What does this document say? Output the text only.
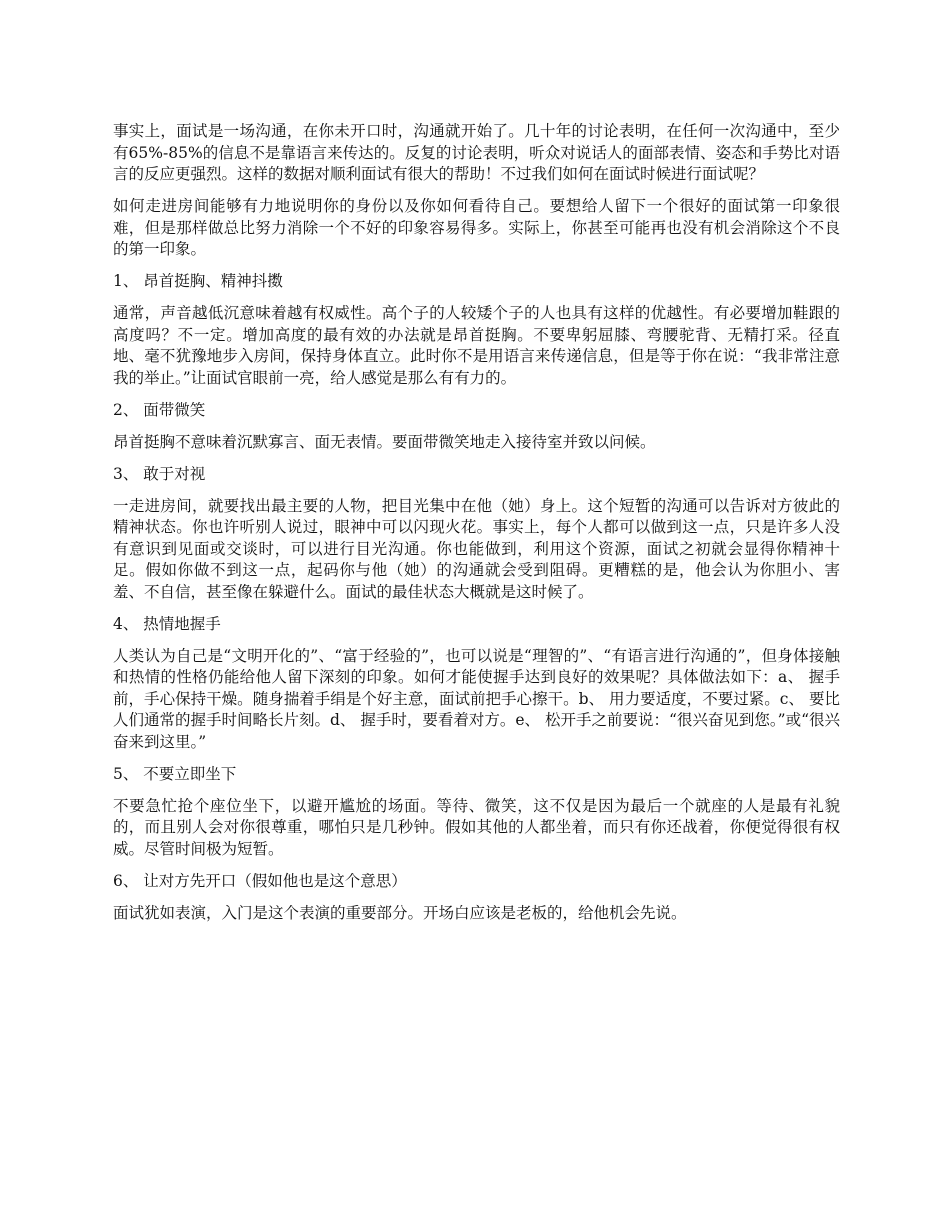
事实上，面试是一场沟通，在你未开口时，沟通就开始了。几十年的讨论表明，在任何一次沟通中，至少有65%-85%的信息不是靠语言来传达的。反复的讨论表明，听众对说话人的面部表情、姿态和手势比对语言的反应更强烈。这样的数据对顺利面试有很大的帮助！不过我们如何在面试时候进行面试呢？

如何走进房间能够有力地说明你的身份以及你如何看待自己。要想给人留下一个很好的面试第一印象很难，但是那样做总比努力消除一个不好的印象容易得多。实际上，你甚至可能再也没有机会消除这个不良的第一印象。

1、 昂首挺胸、精神抖擞

通常，声音越低沉意味着越有权威性。高个子的人较矮个子的人也具有这样的优越性。有必要增加鞋跟的高度吗？不一定。增加高度的最有效的办法就是昂首挺胸。不要卑躬屈膝、弯腰驼背、无精打采。径直地、毫不犹豫地步入房间，保持身体直立。此时你不是用语言来传递信息，但是等于你在说：“我非常注意我的举止。”让面试官眼前一亮，给人感觉是那么有有力的。

2、 面带微笑

昂首挺胸不意味着沉默寡言、面无表情。要面带微笑地走入接待室并致以问候。

3、 敢于对视

一走进房间，就要找出最主要的人物，把目光集中在他（她）身上。这个短暂的沟通可以告诉对方彼此的精神状态。你也许听别人说过，眼神中可以闪现火花。事实上，每个人都可以做到这一点，只是许多人没有意识到见面或交谈时，可以进行目光沟通。你也能做到，利用这个资源，面试之初就会显得你精神十足。假如你做不到这一点，起码你与他（她）的沟通就会受到阻碍。更糟糕的是，他会认为你胆小、害羞、不自信，甚至像在躲避什么。面试的最佳状态大概就是这时候了。

4、 热情地握手

人类认为自己是“文明开化的”、“富于经验的”，也可以说是“理智的”、“有语言进行沟通的”，但身体接触和热情的性格仍能给他人留下深刻的印象。如何才能使握手达到良好的效果呢？具体做法如下：a、 握手前，手心保持干燥。随身揣着手绢是个好主意，面试前把手心擦干。b、 用力要适度，不要过紧。c、 要比人们通常的握手时间略长片刻。d、 握手时，要看着对方。e、 松开手之前要说：“很兴奋见到您。”或“很兴奋来到这里。”

5、 不要立即坐下

不要急忙抢个座位坐下，以避开尴尬的场面。等待、微笑，这不仅是因为最后一个就座的人是最有礼貌的，而且别人会对你很尊重，哪怕只是几秒钟。假如其他的人都坐着，而只有你还战着，你便觉得很有权威。尽管时间极为短暂。

6、 让对方先开口（假如他也是这个意思）

面试犹如表演，入门是这个表演的重要部分。开场白应该是老板的，给他机会先说。
